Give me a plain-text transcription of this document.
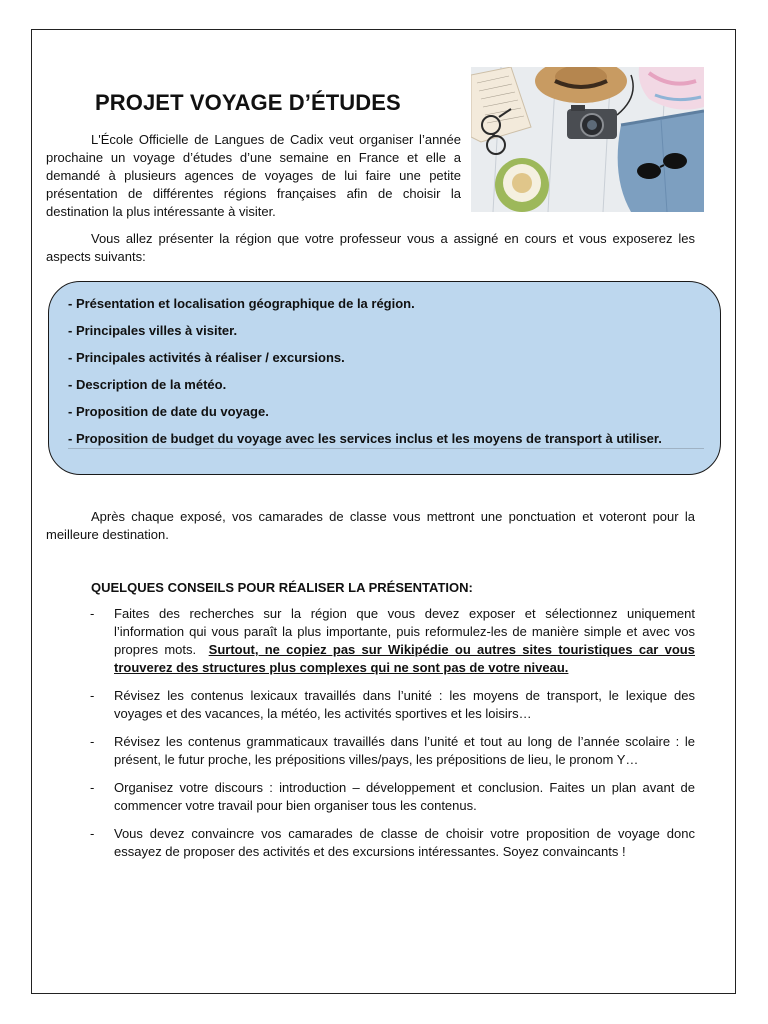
PROJET VOYAGE D’ÉTUDES

L'École Officielle de Langues de Cadix veut organiser l’année prochaine un voyage d’études d’une semaine en France et elle a demandé à plusieurs agences de voyages de lui faire une petite présentation de différentes régions françaises afin de choisir la destination la plus intéressante à visiter.

Vous allez présenter la région que votre professeur vous a assigné en cours et vous exposerez les aspects suivants:

- Présentation et localisation géographique de la région.
- Principales villes à visiter.
- Principales activités à réaliser / excursions.
- Description de la météo.
- Proposition de date du voyage.
- Proposition de budget du voyage avec les services inclus et les moyens de transport à utiliser.

Après chaque exposé, vos camarades de classe vous mettront une ponctuation et voteront pour la meilleure destination.

QUELQUES CONSEILS POUR RÉALISER LA PRÉSENTATION:
- Faites des recherches sur la région que vous devez exposer et sélectionnez uniquement l’information qui vous paraît la plus importante, puis reformulez-les de manière simple et avec vos propres mots. Surtout, ne copiez pas sur Wikipédie ou autres sites touristiques car vous trouverez des structures plus complexes qui ne sont pas de votre niveau.
- Révisez les contenus lexicaux travaillés dans l’unité : les moyens de transport, le lexique des voyages et des vacances, la météo, les activités sportives et les loisirs…
- Révisez les contenus grammaticaux travaillés dans l’unité et tout au long de l’année scolaire : le présent, le futur proche, les prépositions villes/pays, les prépositions de lieu, le pronom Y…
- Organisez votre discours : introduction – développement et conclusion. Faites un plan avant de commencer votre travail pour bien organiser tous les contenus.
- Vous devez convaincre vos camarades de classe de choisir votre proposition de voyage donc essayez de proposer des activités et des excursions intéressantes. Soyez convaincants !
